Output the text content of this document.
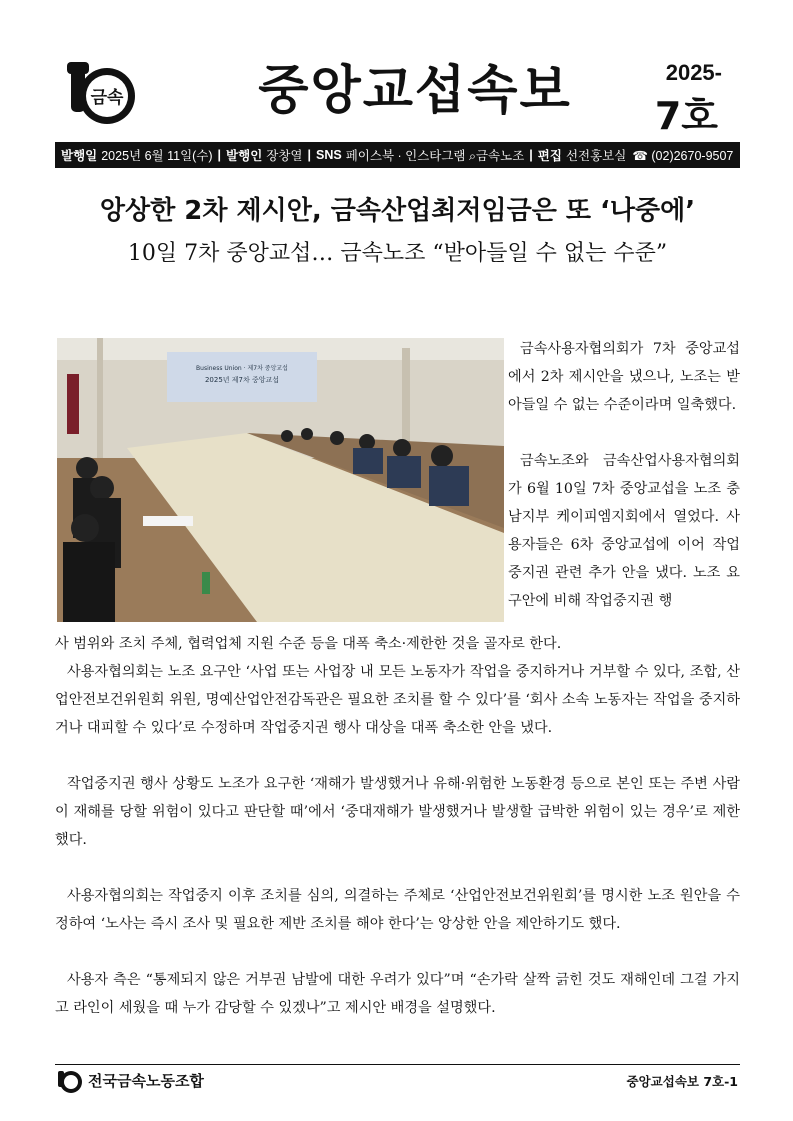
금속	중앙교섭속보	2025-
7호
발행일 2025년 6월 11일(수) | 발행인 장창열 | SNS 페이스북 · 인스타그램 ⌕금속노조 | 편집 선전홍보실 ☎ (02)2670-9507
앙상한 2차 제시안, 금속산업최저임금은 또 ‘나중에’
10일 7차 중앙교섭… 금속노조 “받아들일 수 없는 수준”
Business Union · 제7차 중앙교섭
2025년 제7차 중앙교섭

금속사용자협의회가 7차 중앙교섭에서 2차 제시안을 냈으나, 노조는 받아들일 수 없는 수준이라며 일축했다.

금속노조와 금속산업사용자협의회가 6월 10일 7차 중앙교섭을 노조 충남지부 케이피엠지회에서 열었다. 사용자들은 6차 중앙교섭에 이어 작업중지권 관련 추가 안을 냈다. 노조 요구안에 비해 작업중지권 행

사 범위와 조치 주체, 협력업체 지원 수준 등을 대폭 축소·제한한 것을 골자로 한다.

사용자협의회는 노조 요구안 ‘사업 또는 사업장 내 모든 노동자가 작업을 중지하거나 거부할 수 있다, 조합, 산업안전보건위원회 위원, 명예산업안전감독관은 필요한 조치를 할 수 있다’를 ‘회사 소속 노동자는 작업을 중지하거나 대피할 수 있다’로 수정하며 작업중지권 행사 대상을 대폭 축소한 안을 냈다.

작업중지권 행사 상황도 노조가 요구한 ‘재해가 발생했거나 유해·위험한 노동환경 등으로 본인 또는 주변 사람이 재해를 당할 위험이 있다고 판단할 때’에서 ‘중대재해가 발생했거나 발생할 급박한 위험이 있는 경우’로 제한했다.

사용자협의회는 작업중지 이후 조치를 심의, 의결하는 주체로 ‘산업안전보건위원회’를 명시한 노조 원안을 수정하여 ‘노사는 즉시 조사 및 필요한 제반 조치를 해야 한다’는 앙상한 안을 제안하기도 했다.

사용자 측은 “통제되지 않은 거부권 남발에 대한 우려가 있다”며 “손가락 살짝 긁힌 것도 재해인데 그걸 가지고 라인이 세웠을 때 누가 감당할 수 있겠나”고 제시안 배경을 설명했다.

전국금속노동조합	중앙교섭속보 7호-1
